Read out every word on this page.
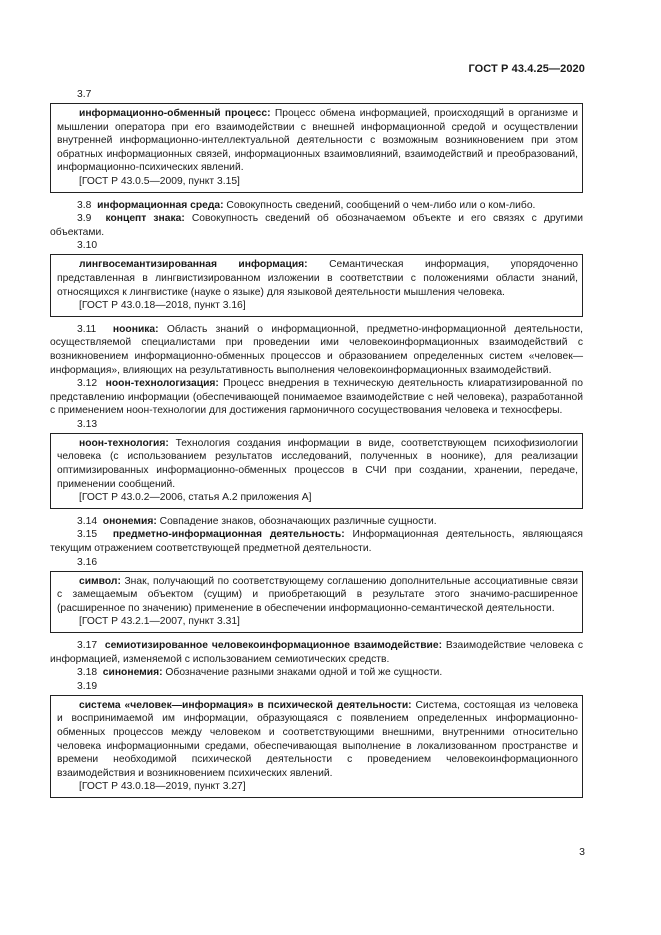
ГОСТ Р 43.4.25—2020
3.7

информационно-обменный процесс: Процесс обмена информацией, происходящий в организме и мышлении оператора при его взаимодействии с внешней информационной средой и осуществлении внутренней информационно-интеллектуальной деятельности с возможным возникновением при этом обратных информационных связей, информационных взаимовлияний, взаимодействий и преобразований, информационно-психических явлений.

[ГОСТ Р 43.0.5—2009, пункт 3.15]

3.8 информационная среда: Совокупность сведений, сообщений о чем-либо или о ком-либо.

3.9 концепт знака: Совокупность сведений об обозначаемом объекте и его связях с другими объектами.

3.10

лингвосемантизированная информация: Семантическая информация, упорядоченно представленная в лингвистизированном изложении в соответствии с положениями области знаний, относящихся к лингвистике (науке о языке) для языковой деятельности мышления человека.

[ГОСТ Р 43.0.18—2018, пункт 3.16]

3.11 нооника: Область знаний о информационной, предметно-информационной деятельности, осуществляемой специалистами при проведении ими человекоинформационных взаимодействий с возникновением информационно-обменных процессов и образованием определенных систем «человек—информация», влияющих на результативность выполнения человекоинформационных взаимодействий.

3.12 ноон-технологизация: Процесс внедрения в техническую деятельность клиаратизированной по представлению информации (обеспечивающей понимаемое взаимодействие с ней человека), разработанной с применением ноон-технологии для достижения гармоничного сосуществования человека и техносферы.

3.13

ноон-технология: Технология создания информации в виде, соответствующем психофизиологии человека (с использованием результатов исследований, полученных в ноонике), для реализации оптимизированных информационно-обменных процессов в СЧИ при создании, хранении, передаче, применении сообщений.

[ГОСТ Р 43.0.2—2006, статья А.2 приложения А]

3.14 ононемия: Совпадение знаков, обозначающих различные сущности.

3.15 предметно-информационная деятельность: Информационная деятельность, являющаяся текущим отражением соответствующей предметной деятельности.

3.16

символ: Знак, получающий по соответствующему соглашению дополнительные ассоциативные связи с замещаемым объектом (сущим) и приобретающий в результате этого значимо-расширенное (расширенное по значению) применение в обеспечении информационно-семантической деятельности.

[ГОСТ Р 43.2.1—2007, пункт 3.31]

3.17 семиотизированное человекоинформационное взаимодействие: Взаимодействие человека с информацией, изменяемой с использованием семиотических средств.

3.18 синонемия: Обозначение разными знаками одной и той же сущности.

3.19

система «человек—информация» в психической деятельности: Система, состоящая из человека и воспринимаемой им информации, образующаяся с появлением определенных информационно-обменных процессов между человеком и соответствующими внешними, внутренними относительно человека информационными средами, обеспечивающая выполнение в локализованном пространстве и времени необходимой психической деятельности с проведением человекоинформационного взаимодействия и возникновением психических явлений.

[ГОСТ Р 43.0.18—2019, пункт 3.27]

3
